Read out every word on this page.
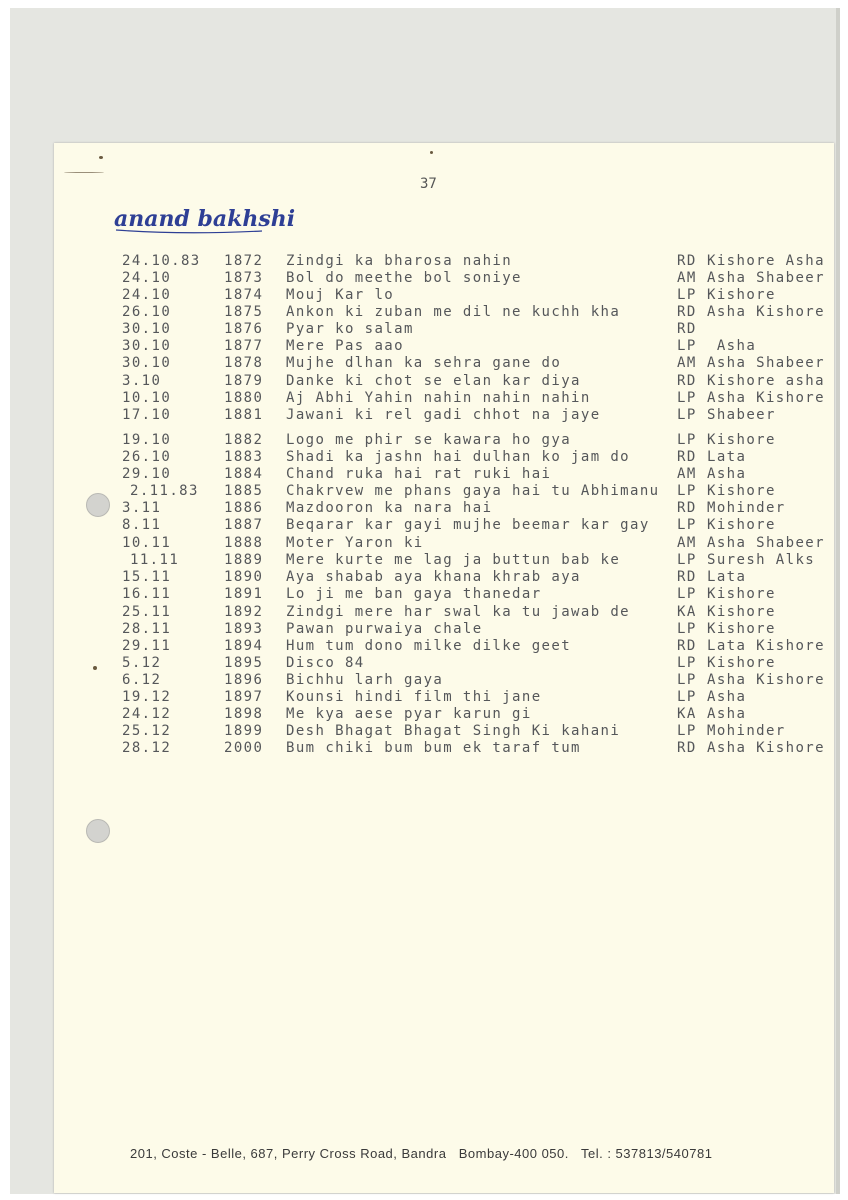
37
anand bakhshi
24.10.83 1872 Zindgi ka bharosa nahin	RD Kishore Asha
24.10	1873 Bol do meethe bol soniye	AM Asha Shabeer
24.10	1874 Mouj Kar lo	LP Kishore
26.10	1875 Ankon ki zuban me dil ne kuchh kha	RD Asha Kishore
30.10	1876 Pyar ko salam	RD
30.10	1877 Mere Pas aao	LP Asha
30.10	1878 Mujhe dlhan ka sehra gane do	AM Asha Shabeer
3.10	1879 Danke ki chot se elan kar diya	RD Kishore asha
10.10	1880 Aj Abhi Yahin nahin nahin nahin	LP Asha Kishore
17.10	1881 Jawani ki rel gadi chhot na jaye	LP Shabeer
19.10	1882 Logo me phir se kawara ho gya	LP Kishore
26.10	1883 Shadi ka jashn hai dulhan ko jam do	RD Lata
29.10	1884 Chand ruka hai rat ruki hai	AM Asha
2.11.83 1885 Chakrvew me phans gaya hai tu Abhimanu LP Kishore
3.11	1886 Mazdooron ka nara hai	RD Mohinder
8.11	1887 Beqarar kar gayi mujhe beemar kar gay LP Kishore
10.11	1888 Moter Yaron ki	AM Asha Shabeer
11.11	1889 Mere kurte me lag ja buttun bab ke	LP Suresh Alks
15.11	1890 Aya shabab aya khana khrab aya	RD Lata
16.11	1891 Lo ji me ban gaya thanedar	LP Kishore
25.11	1892 Zindgi mere har swal ka tu jawab de	KA Kishore
28.11	1893 Pawan purwaiya chale	LP Kishore
29.11	1894 Hum tum dono milke dilke geet	RD Lata Kishore
5.12	1895 Disco 84	LP Kishore
6.12	1896 Bichhu larh gaya	LP Asha Kishore
19.12	1897 Kounsi hindi film thi jane	LP Asha
24.12	1898 Me kya aese pyar karun gi	KA Asha
25.12	1899 Desh Bhagat Bhagat Singh Ki kahani	LP Mohinder
28.12	2000 Bum chiki bum bum ek taraf tum	RD Asha Kishore
201, Coste - Belle, 687, Perry Cross Road, Bandra   Bombay-400 050.   Tel. : 537813/540781
